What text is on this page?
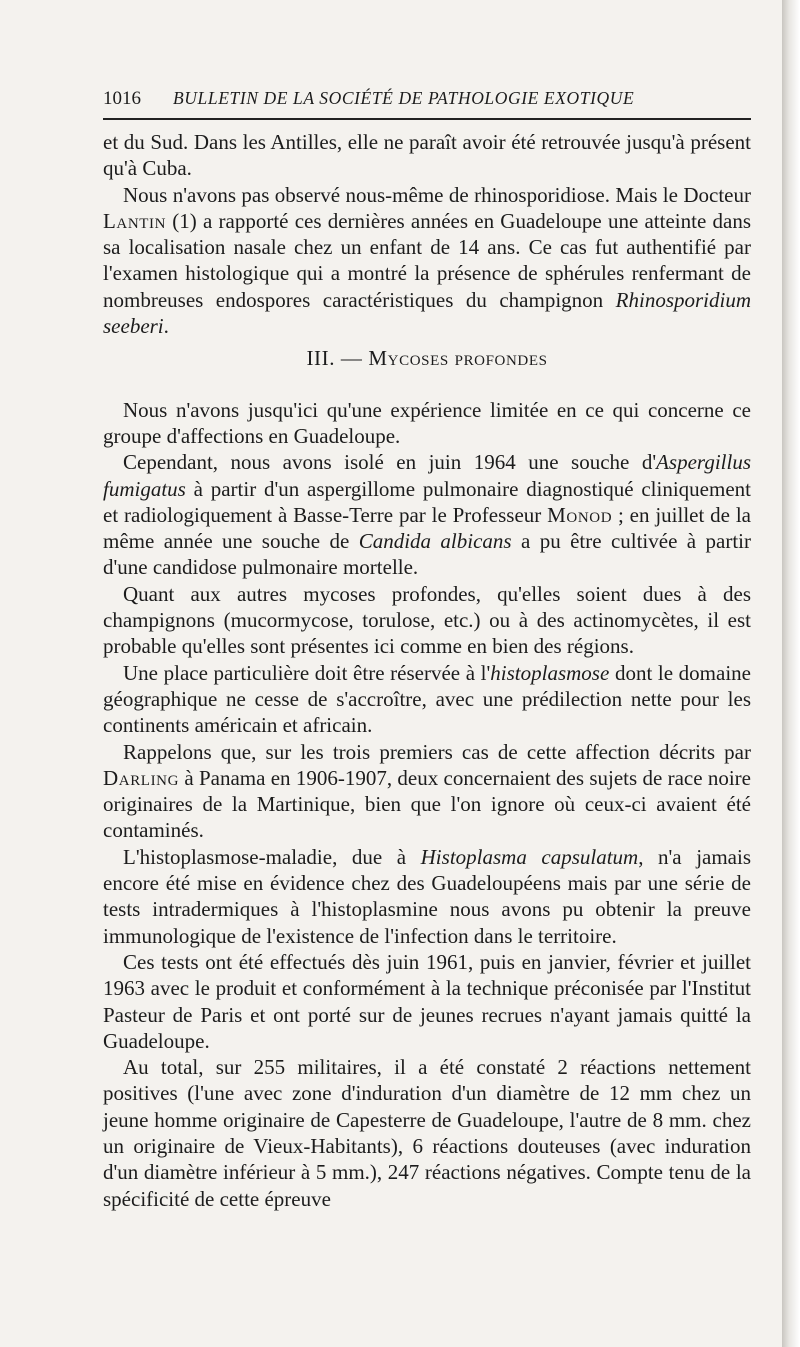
1016 BULLETIN DE LA SOCIÉTÉ DE PATHOLOGIE EXOTIQUE

et du Sud. Dans les Antilles, elle ne paraît avoir été retrouvée jusqu'à présent qu'à Cuba.

Nous n'avons pas observé nous-même de rhinosporidiose. Mais le Docteur Lantin (1) a rapporté ces dernières années en Guadeloupe une atteinte dans sa localisation nasale chez un enfant de 14 ans. Ce cas fut authentifié par l'examen histologique qui a montré la présence de sphérules renfermant de nombreuses endospores caractéristiques du champignon Rhinosporidium seeberi.

III. — Mycoses profondes

Nous n'avons jusqu'ici qu'une expérience limitée en ce qui concerne ce groupe d'affections en Guadeloupe.

Cependant, nous avons isolé en juin 1964 une souche d'Aspergillus fumigatus à partir d'un aspergillome pulmonaire diagnostiqué cliniquement et radiologiquement à Basse-Terre par le Professeur Monod ; en juillet de la même année une souche de Candida albicans a pu être cultivée à partir d'une candidose pulmonaire mortelle.

Quant aux autres mycoses profondes, qu'elles soient dues à des champignons (mucormycose, torulose, etc.) ou à des actinomycètes, il est probable qu'elles sont présentes ici comme en bien des régions.

Une place particulière doit être réservée à l'histoplasmose dont le domaine géographique ne cesse de s'accroître, avec une prédilection nette pour les continents américain et africain.

Rappelons que, sur les trois premiers cas de cette affection décrits par Darling à Panama en 1906-1907, deux concernaient des sujets de race noire originaires de la Martinique, bien que l'on ignore où ceux-ci avaient été contaminés.

L'histoplasmose-maladie, due à Histoplasma capsulatum, n'a jamais encore été mise en évidence chez des Guadeloupéens mais par une série de tests intradermiques à l'histoplasmine nous avons pu obtenir la preuve immunologique de l'existence de l'infection dans le territoire.

Ces tests ont été effectués dès juin 1961, puis en janvier, février et juillet 1963 avec le produit et conformément à la technique préconisée par l'Institut Pasteur de Paris et ont porté sur de jeunes recrues n'ayant jamais quitté la Guadeloupe.

Au total, sur 255 militaires, il a été constaté 2 réactions nettement positives (l'une avec zone d'induration d'un diamètre de 12 mm chez un jeune homme originaire de Capesterre de Guadeloupe, l'autre de 8 mm. chez un originaire de Vieux-Habitants), 6 réactions douteuses (avec induration d'un diamètre inférieur à 5 mm.), 247 réactions négatives. Compte tenu de la spécificité de cette épreuve
